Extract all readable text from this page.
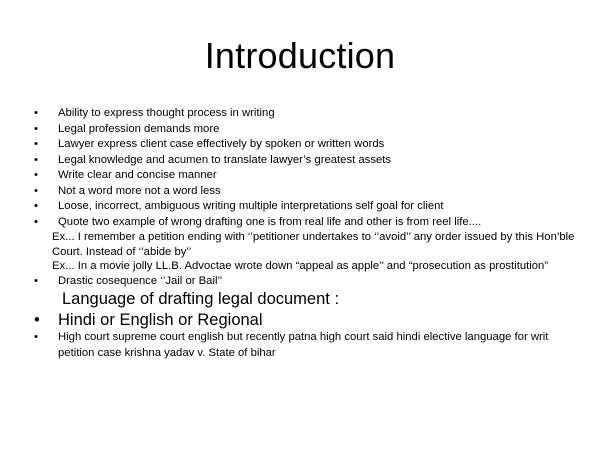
Introduction
•	Ability to express thought process in writing
•	Legal profession demands more
•	Lawyer express client case effectively by spoken or written words
•	Legal knowledge and acumen to translate lawyer’s greatest assets
•	Write clear and concise manner
•	Not a word more not a word less
•	Loose, incorrect, ambiguous writing multiple interpretations self goal for client
•	Quote two example of wrong drafting one is from real life and other is from reel life....
Ex... I remember a petition ending with ‘’petitioner undertakes to ‘’avoid’’ any order issued by this Hon’ble Court. Instead of ‘’abide by’’
Ex... In a movie jolly LL.B. Advoctae wrote down “appeal as apple’’ and “prosecution as prostitution”
•	Drastic cosequence ‘’Jail or Bail’’
Language of drafting legal document :
• Hindi or English or Regional
•	High court supreme court english but recently patna high court said hindi elective language for writ petition case krishna yadav v. State of bihar
